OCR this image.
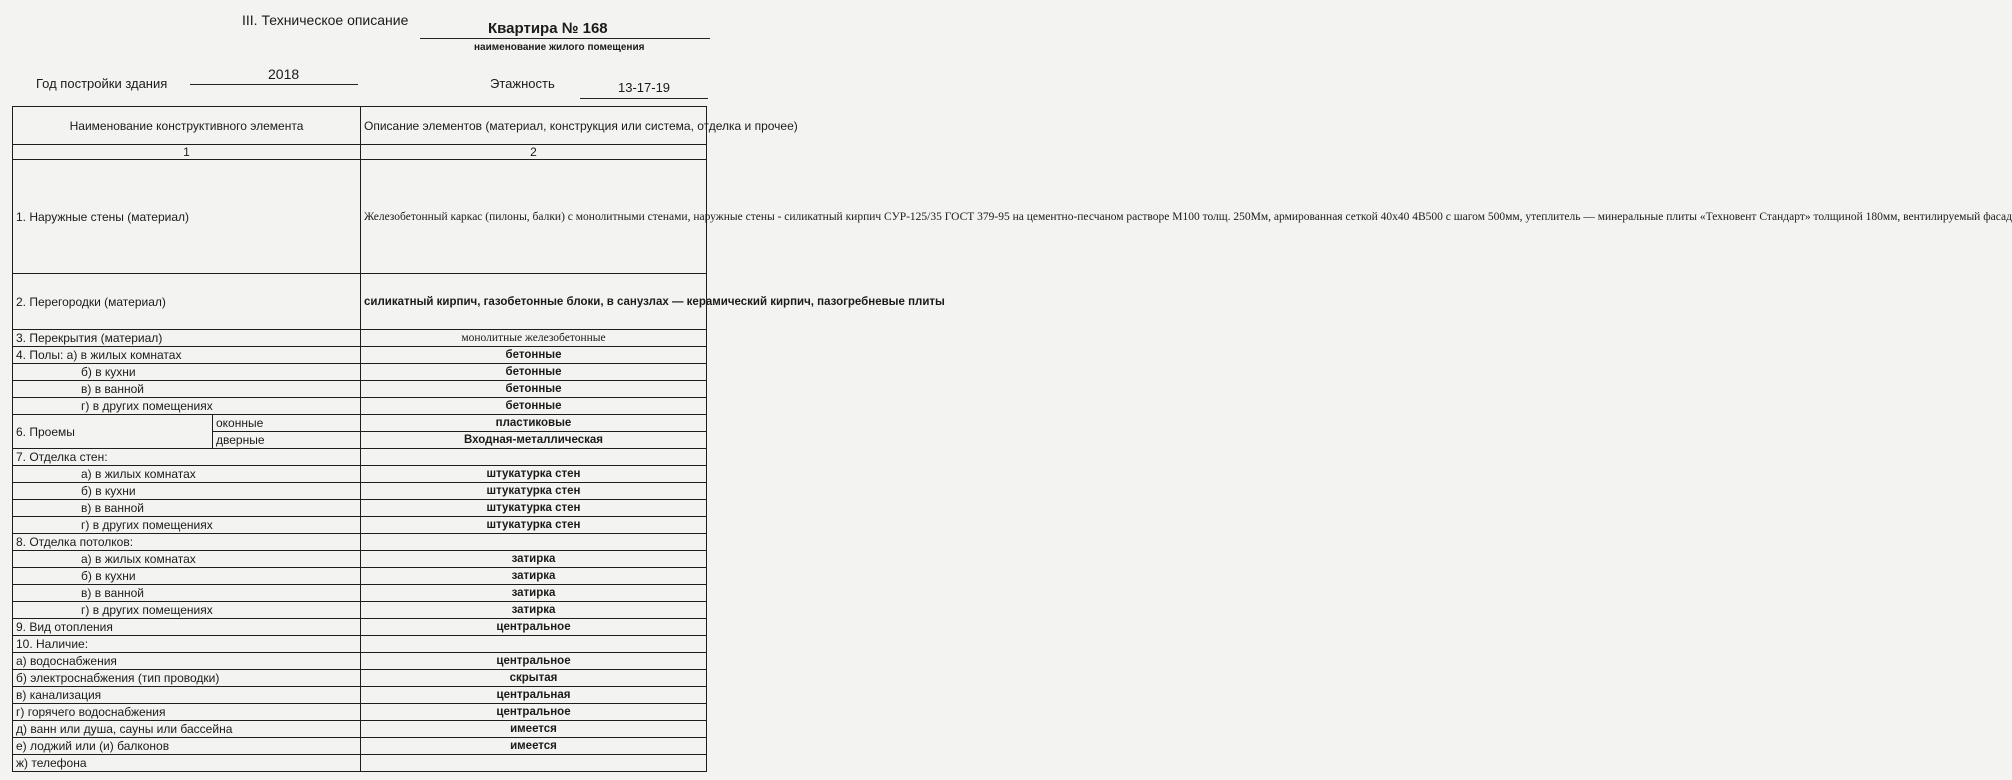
III. Техническое описание	Квартира № 168
наименование жилого помещения
Год постройки здания
2018
Этажность	13-17-19
Наименование конструктивного элемента		Описание элементов (материал, конструкция или система, отделка и прочее)
1		2
1. Наружные стены (материал)		Железобетонный каркас (пилоны, балки) с монолитными стенами, наружные стены - силикатный кирпич СУР-125/35 ГОСТ 379-95 на цементно-песчаном растворе М100 толщ. 250Мм, армированная сеткой 40х40 4В500 с шагом 500мм, утеплитель — минеральные плиты «Техновент Стандарт» толщиной 180мм, вентилируемый фасад
2. Перегородки (материал)		силикатный кирпич, газобетонные блоки, в санузлах — керамический кирпич, пазогребневые плиты
3. Перекрытия (материал)		монолитные железобетонные
4. Полы: а) в жилых комнатах		бетонные
б) в кухни		бетонные
в) в ванной		бетонные
г) в других помещениях		бетонные
6. Проемы	оконные	пластиковые
	дверные	Входная-металлическая
7. Отделка стен:		
а) в жилых комнатах		штукатурка стен
б) в кухни		штукатурка стен
в) в ванной		штукатурка стен
г) в других помещениях		штукатурка стен
8. Отделка потолков:		
а) в жилых комнатах		затирка
б) в кухни		затирка
в) в ванной		затирка
г) в других помещениях		затирка
9. Вид отопления		центральное
10. Наличие:		
а) водоснабжения		центральное
б) электроснабжения (тип проводки)		скрытая
в) канализация		центральная
г) горячего водоснабжения		центральное
д) ванн или душа, сауны или бассейна		имеется
е) лоджий или (и) балконов		имеется
ж) телефона		
